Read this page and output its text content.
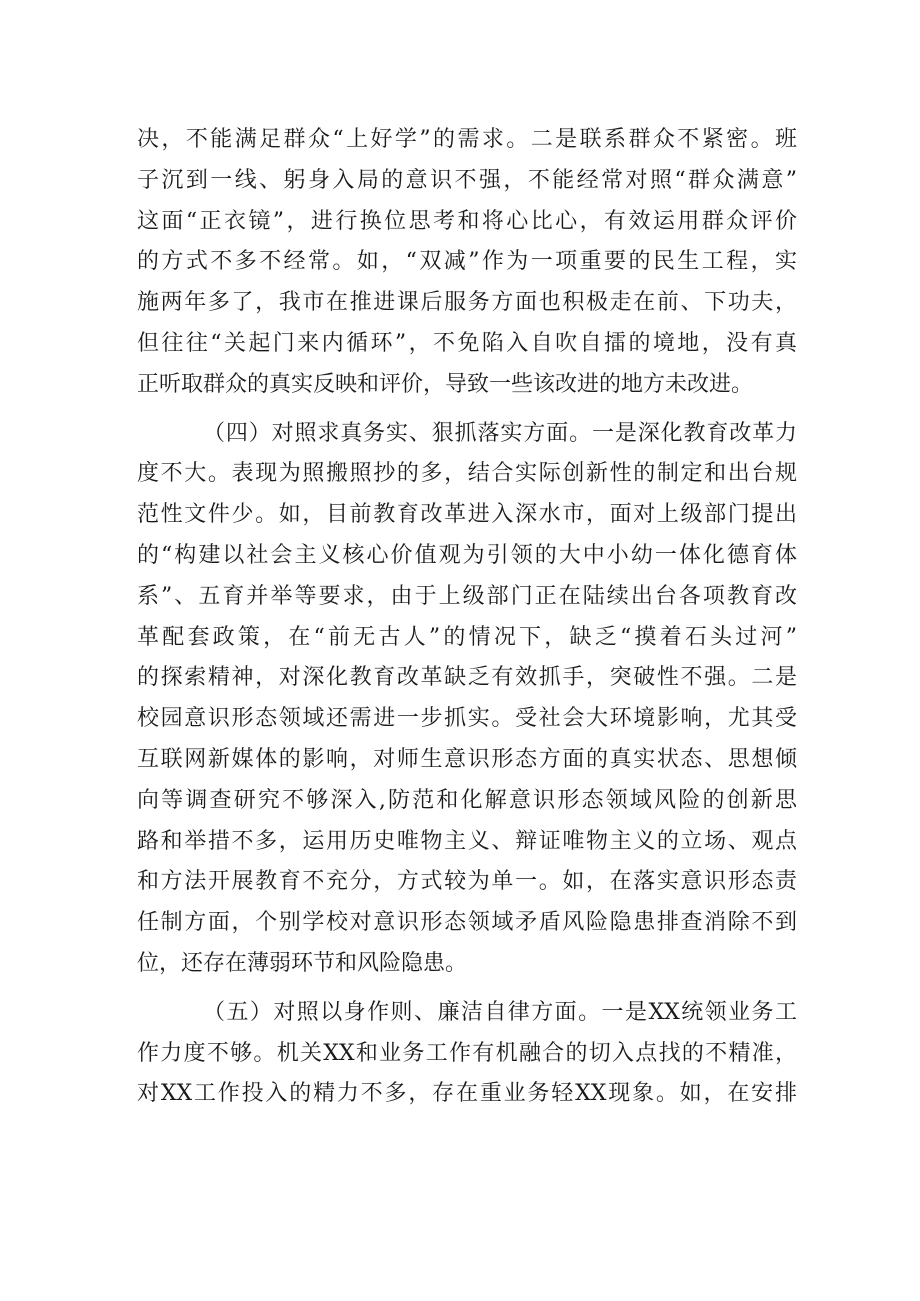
决，不能满足群众“上好学”的需求。二是联系群众不紧密。班
子沉到一线、躬身入局的意识不强，不能经常对照“群众满意”
这面“正衣镜”，进行换位思考和将心比心，有效运用群众评价
的方式不多不经常。如，“双减”作为一项重要的民生工程，实
施两年多了，我市在推进课后服务方面也积极走在前、下功夫，
但往往“关起门来内循环”，不免陷入自吹自擂的境地，没有真
正听取群众的真实反映和评价，导致一些该改进的地方未改进。
（四）对照求真务实、狠抓落实方面。一是深化教育改革力
度不大。表现为照搬照抄的多，结合实际创新性的制定和出台规
范性文件少。如，目前教育改革进入深水市，面对上级部门提出
的“构建以社会主义核心价值观为引领的大中小幼一体化德育体
系”、五育并举等要求，由于上级部门正在陆续出台各项教育改
革配套政策，在“前无古人”的情况下，缺乏“摸着石头过河”
的探索精神，对深化教育改革缺乏有效抓手，突破性不强。二是
校园意识形态领域还需进一步抓实。受社会大环境影响，尤其受
互联网新媒体的影响，对师生意识形态方面的真实状态、思想倾
向等调查研究不够深入,防范和化解意识形态领域风险的创新思
路和举措不多，运用历史唯物主义、辩证唯物主义的立场、观点
和方法开展教育不充分，方式较为单一。如，在落实意识形态责
任制方面，个别学校对意识形态领域矛盾风险隐患排查消除不到
位，还存在薄弱环节和风险隐患。
（五）对照以身作则、廉洁自律方面。一是XX统领业务工
作力度不够。机关XX和业务工作有机融合的切入点找的不精准，
对XX工作投入的精力不多，存在重业务轻XX现象。如，在安排
